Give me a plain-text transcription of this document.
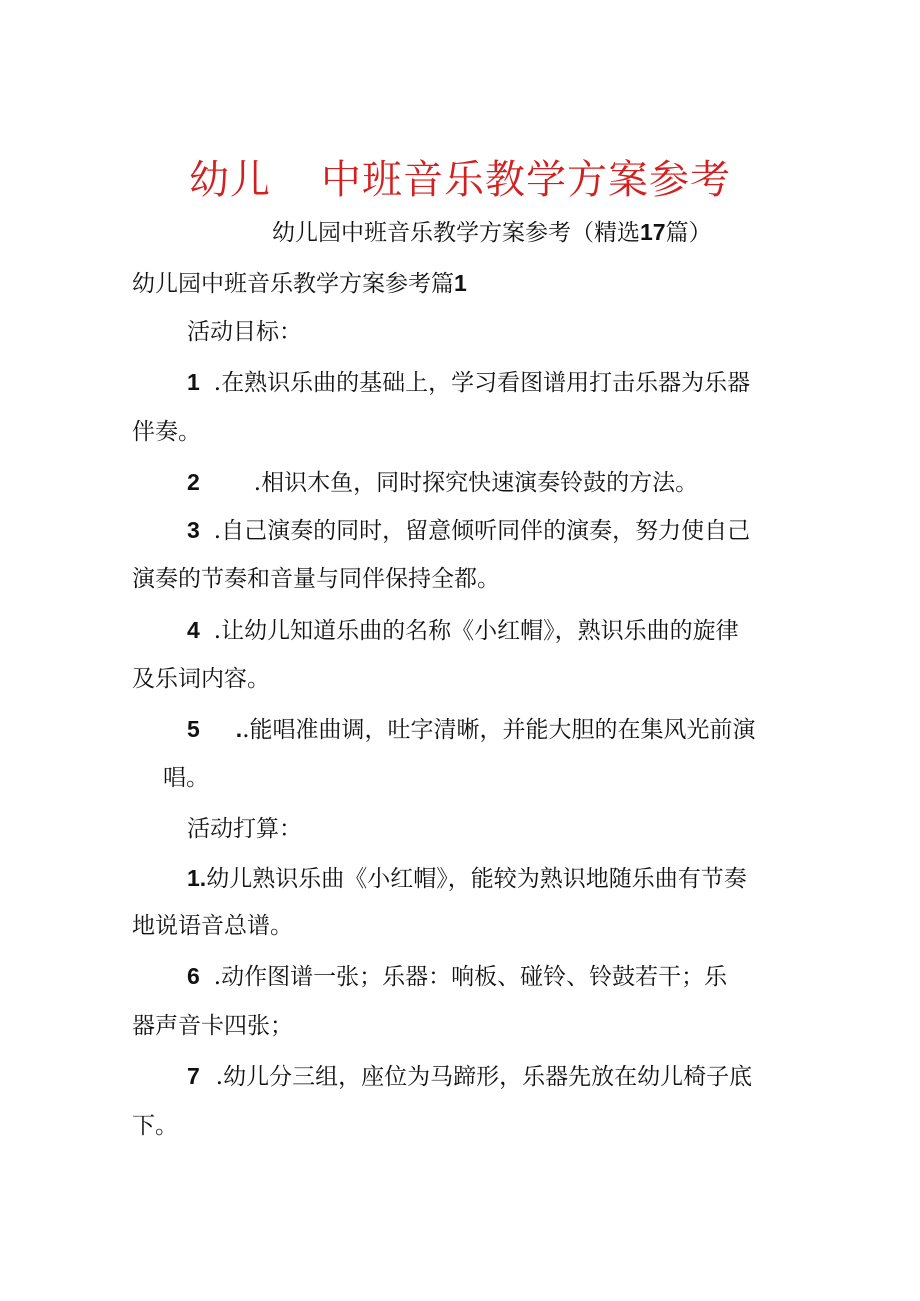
幼儿 中班音乐教学方案参考
幼儿园中班音乐教学方案参考（精选17篇）
幼儿园中班音乐教学方案参考篇1
活动目标：
1 .在熟识乐曲的基础上，学习看图谱用打击乐器为乐器
伴奏。
2 .相识木鱼，同时探究快速演奏铃鼓的方法。
3 .自己演奏的同时，留意倾听同伴的演奏，努力使自己
演奏的节奏和音量与同伴保持全都。
4 .让幼儿知道乐曲的名称《小红帽》，熟识乐曲的旋律
及乐词内容。
5 ..能唱准曲调，吐字清晰，并能大胆的在集风光前演
唱。
活动打算：
1.幼儿熟识乐曲《小红帽》，能较为熟识地随乐曲有节奏
地说语音总谱。
6 .动作图谱一张；乐器：响板、碰铃、铃鼓若干；乐
器声音卡四张；
7 .幼儿分三组，座位为马蹄形，乐器先放在幼儿椅子底
下。
